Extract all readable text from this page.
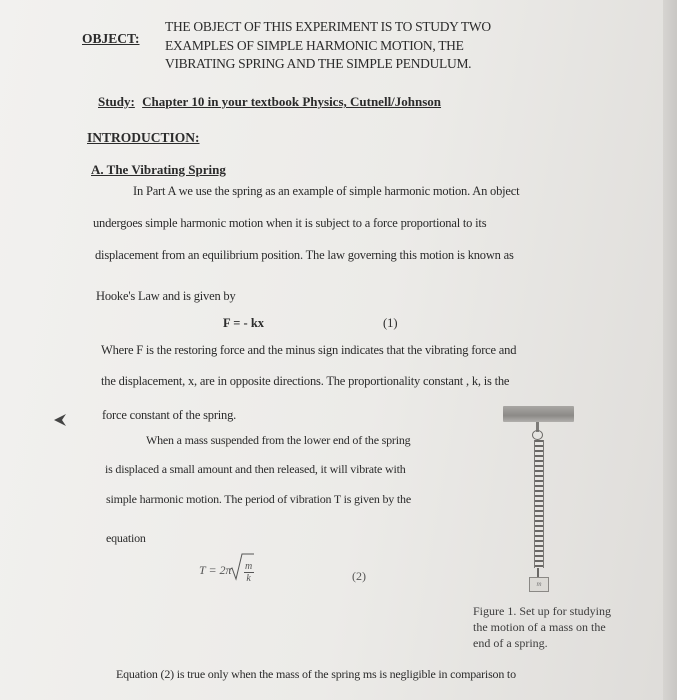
OBJECT:
THE OBJECT OF THIS EXPERIMENT IS TO STUDY TWO
EXAMPLES OF SIMPLE HARMONIC MOTION, THE
VIBRATING SPRING AND THE SIMPLE PENDULUM.
Study: Chapter 10 in your textbook Physics, Cutnell/Johnson
INTRODUCTION:
A. The Vibrating Spring
In Part A we use the spring as an example of simple harmonic motion. An object
undergoes simple harmonic motion when it is subject to a force proportional to its
displacement from an equilibrium position. The law governing this motion is known as
Hooke's Law and is given by
F = - kx	(1)
Where F is the restoring force and the minus sign indicates that the vibrating force and
the displacement, x, are in opposite directions. The proportionality constant , k, is the
force constant of the spring.
When a mass suspended from the lower end of the spring
is displaced a small amount and then released, it will vibrate with
simple harmonic motion. The period of vibration T is given by the
equation
$T = 2\pi \frac{m}{k}$	(2)
m
Figure 1. Set up for studying
the motion of a mass on the
end of a spring.
Equation (2) is true only when the mass of the spring ms is negligible in comparison to
